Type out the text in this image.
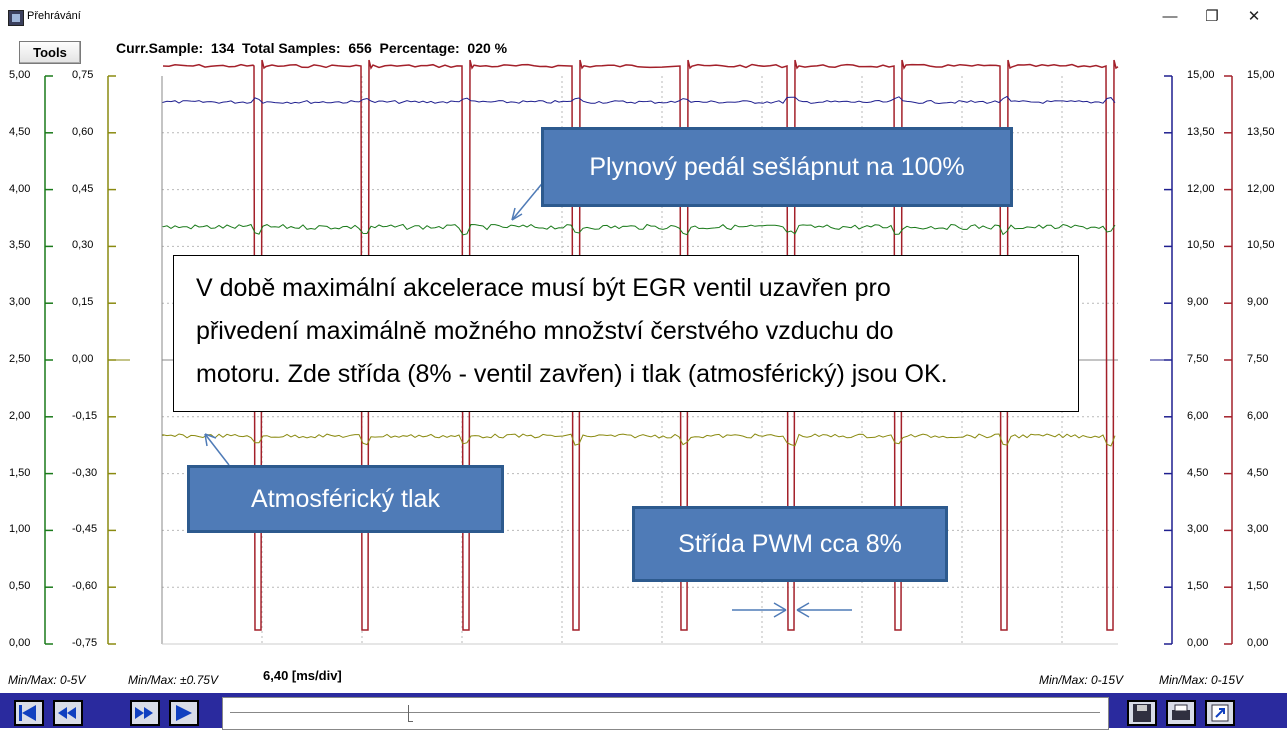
Přehrávání	—	❐	✕
Tools	Curr.Sample:  134  Total Samples:  656  Percentage:  020 %
5,00
4,50
4,00
3,50
3,00
2,50
2,00
1,50
1,00
0,50
0,00
0,75
0,60
0,45
0,30
0,15
0,00
-0,15
-0,30
-0,45
-0,60
-0,75
15,00
13,50
12,00
10,50
9,00
7,50
6,00
4,50
3,00
1,50
0,00
15,00
13,50
12,00
10,50
9,00
7,50
6,00
4,50
3,00
1,50
0,00
Plynový pedál sešlápnut na 100%
V době maximální akcelerace musí být EGR ventil uzavřen pro
přivedení maximálně možného množství čerstvého vzduchu do
motoru. Zde střída (8% - ventil zavřen) i tlak (atmosférický) jsou OK.
Atmosférický tlak
Střída PWM cca 8%
Min/Max: 0-5V	Min/Max: ±0.75V	6,40 [ms/div]	Min/Max: 0-15V	Min/Max: 0-15V
